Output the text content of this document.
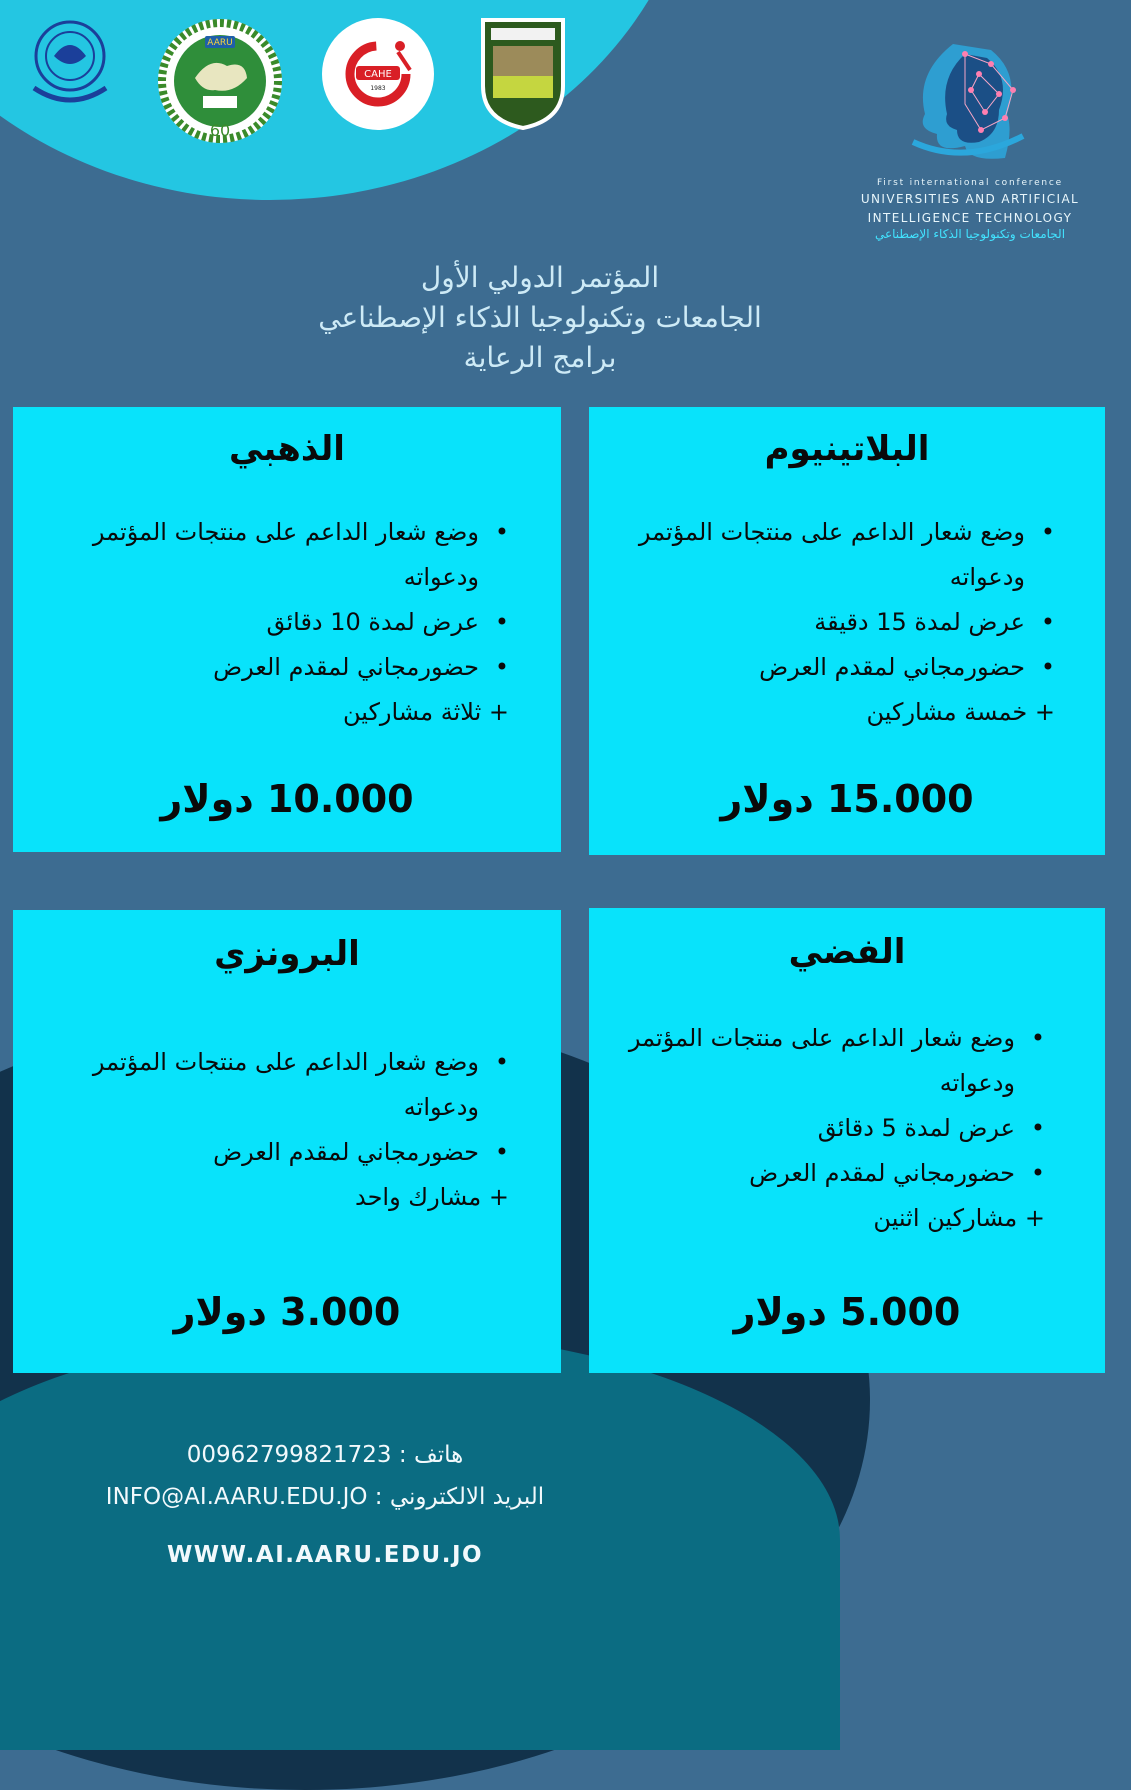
AARU
60
CAHE
1983
First international conference
UNIVERSITIES AND ARTIFICIAL
INTELLIGENCE TECHNOLOGY
الجامعات وتكنولوجيا الذكاء الإصطناعي
المؤتمر الدولي الأول
الجامعات وتكنولوجيا الذكاء الإصطناعي
برامج الرعاية
البلاتينيوم
• وضع شعار الداعم على منتجات المؤتمر ودعواته
• عرض لمدة 15 دقيقة
• حضورمجاني لمقدم العرض
+ خمسة مشاركين
15.000 دولار
الذهبي
• وضع شعار الداعم على منتجات المؤتمر ودعواته
• عرض لمدة 10 دقائق
• حضورمجاني لمقدم العرض
+ ثلاثة مشاركين
10.000 دولار
الفضي
• وضع شعار الداعم على منتجات المؤتمر ودعواته
• عرض لمدة 5 دقائق
• حضورمجاني لمقدم العرض
+ مشاركين اثنين
5.000 دولار
البرونزي
• وضع شعار الداعم على منتجات المؤتمر ودعواته
• حضورمجاني لمقدم العرض
+ مشارك واحد
3.000 دولار
هاتف : 00962799821723
البريد الالكتروني : INFO@AI.AARU.EDU.JO
WWW.AI.AARU.EDU.JO
